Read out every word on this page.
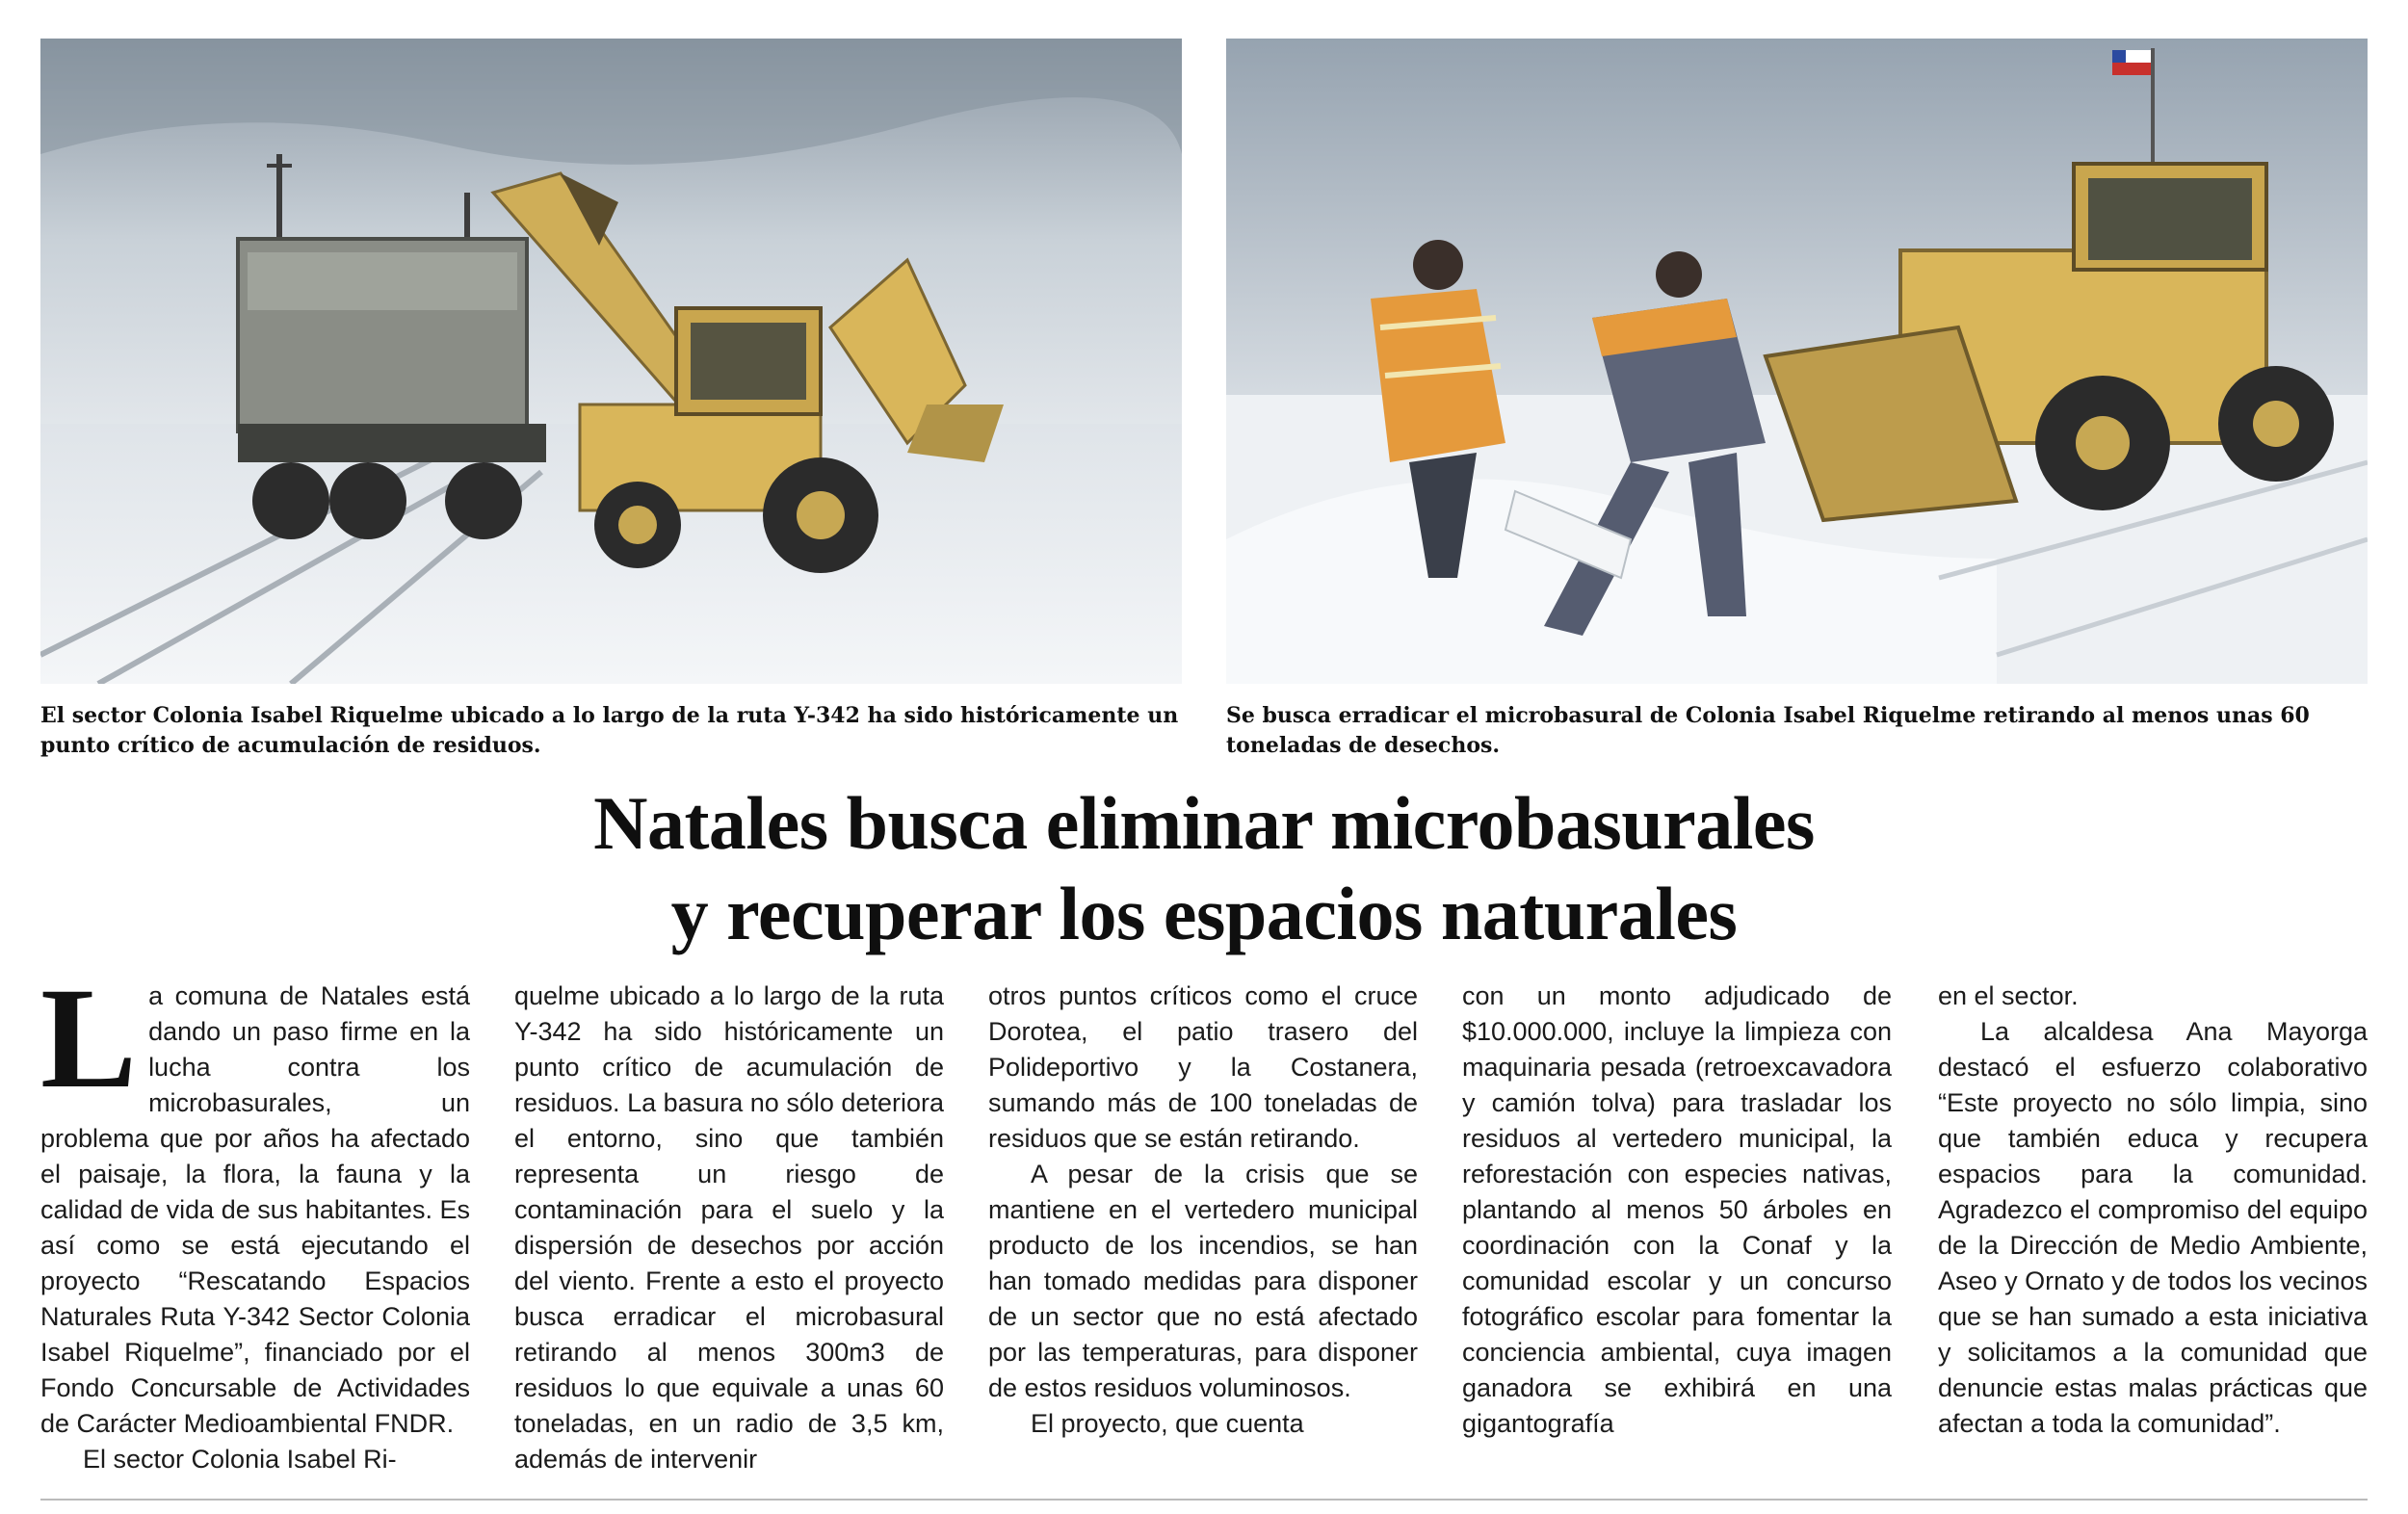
El sector Colonia Isabel Riquelme ubicado a lo largo de la ruta Y-342 ha sido históricamente un punto crítico de acumulación de residuos.
Se busca erradicar el microbasural de Colonia Isabel Riquelme retirando al menos unas 60 toneladas de desechos.
Natales busca eliminar microbasurales
y recuperar los espacios naturales
L a comuna de Natales está dando un paso firme en la lucha contra los microbasurales, un problema que por años ha afectado el paisaje, la flora, la fauna y la calidad de vida de sus habitantes. Es así como se está ejecutando el proyecto “Rescatando Espacios Naturales Ruta Y-342 Sector Colonia Isabel Riquelme”, financiado por el Fondo Concursable de Actividades de Carácter Medioambiental FNDR.

El sector Colonia Isabel Ri-

quelme ubicado a lo largo de la ruta Y-342 ha sido históricamente un punto crítico de acumulación de residuos. La basura no sólo deteriora el entorno, sino que también representa un riesgo de contaminación para el suelo y la dispersión de desechos por acción del viento. Frente a esto el proyecto busca erradicar el microbasural retirando al menos 300m3 de residuos lo que equivale a unas 60 toneladas, en un radio de 3,5 km, además de intervenir

otros puntos críticos como el cruce Dorotea, el patio trasero del Polideportivo y la Costanera, sumando más de 100 toneladas de residuos que se están retirando.

A pesar de la crisis que se mantiene en el vertedero municipal producto de los incendios, se han han tomado medidas para disponer de un sector que no está afectado por las temperaturas, para disponer de estos residuos voluminosos.

El proyecto, que cuenta

con un monto adjudicado de $10.000.000, incluye la limpieza con maquinaria pesada (retroexcavadora y camión tolva) para trasladar los residuos al vertedero municipal, la reforestación con especies nativas, plantando al menos 50 árboles en coordinación con la Conaf y la comunidad escolar y un concurso fotográfico escolar para fomentar la conciencia ambiental, cuya imagen ganadora se exhibirá en una gigantografía

en el sector.

La alcaldesa Ana Mayorga destacó el esfuerzo colaborativo “Este proyecto no sólo limpia, sino que también educa y recupera espacios para la comunidad. Agradezco el compromiso del equipo de la Dirección de Medio Ambiente, Aseo y Ornato y de todos los vecinos que se han sumado a esta iniciativa y solicitamos a la comunidad que denuncie estas malas prácticas que afectan a toda la comunidad”.
